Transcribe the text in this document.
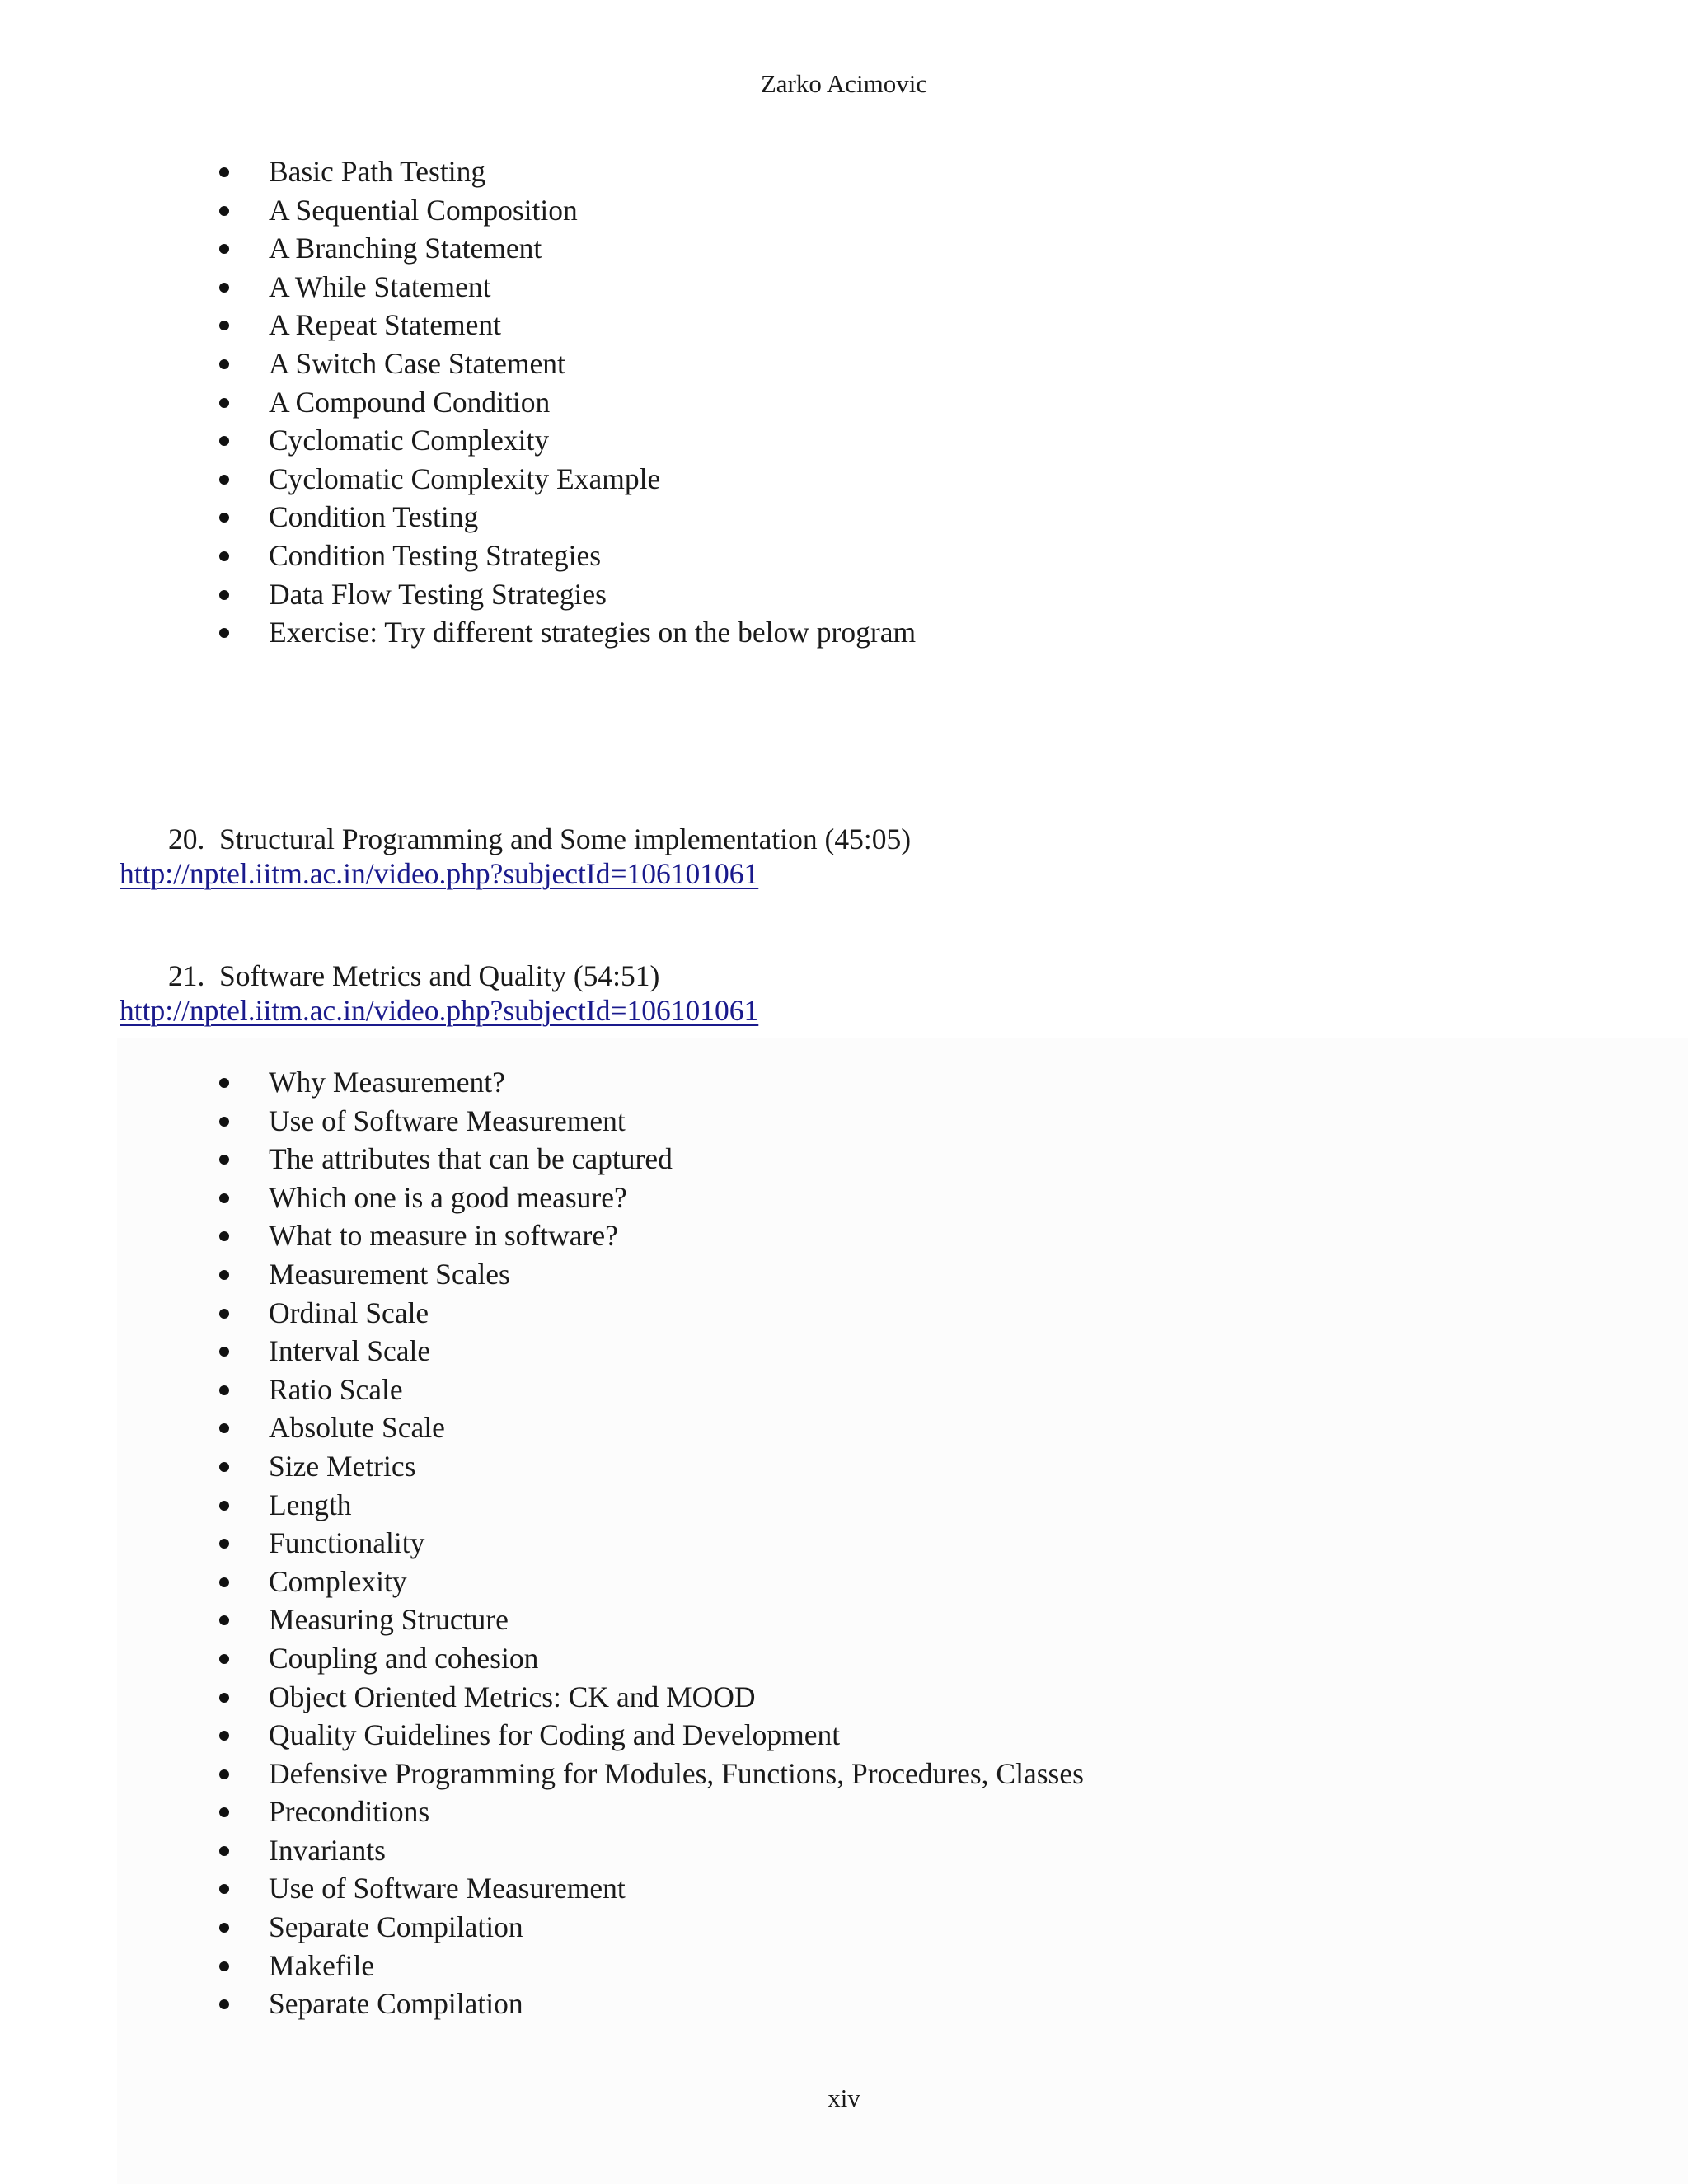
Zarko Acimovic
Basic Path Testing
A Sequential Composition
A Branching Statement
A While Statement
A Repeat Statement
A Switch Case Statement
A Compound Condition
Cyclomatic Complexity
Cyclomatic Complexity Example
Condition Testing
Condition Testing Strategies
Data Flow Testing Strategies
Exercise: Try different strategies on the below program
20. Structural Programming and Some implementation (45:05)
http://nptel.iitm.ac.in/video.php?subjectId=106101061
21. Software Metrics and Quality (54:51)
http://nptel.iitm.ac.in/video.php?subjectId=106101061
Why Measurement?
Use of Software Measurement
The attributes that can be captured
Which one is a good measure?
What to measure in software?
Measurement Scales
Ordinal Scale
Interval Scale
Ratio Scale
Absolute Scale
Size Metrics
Length
Functionality
Complexity
Measuring Structure
Coupling and cohesion
Object Oriented Metrics: CK and MOOD
Quality Guidelines for Coding and Development
Defensive Programming for Modules, Functions, Procedures, Classes
Preconditions
Invariants
Use of Software Measurement
Separate Compilation
Makefile
Separate Compilation
xiv
